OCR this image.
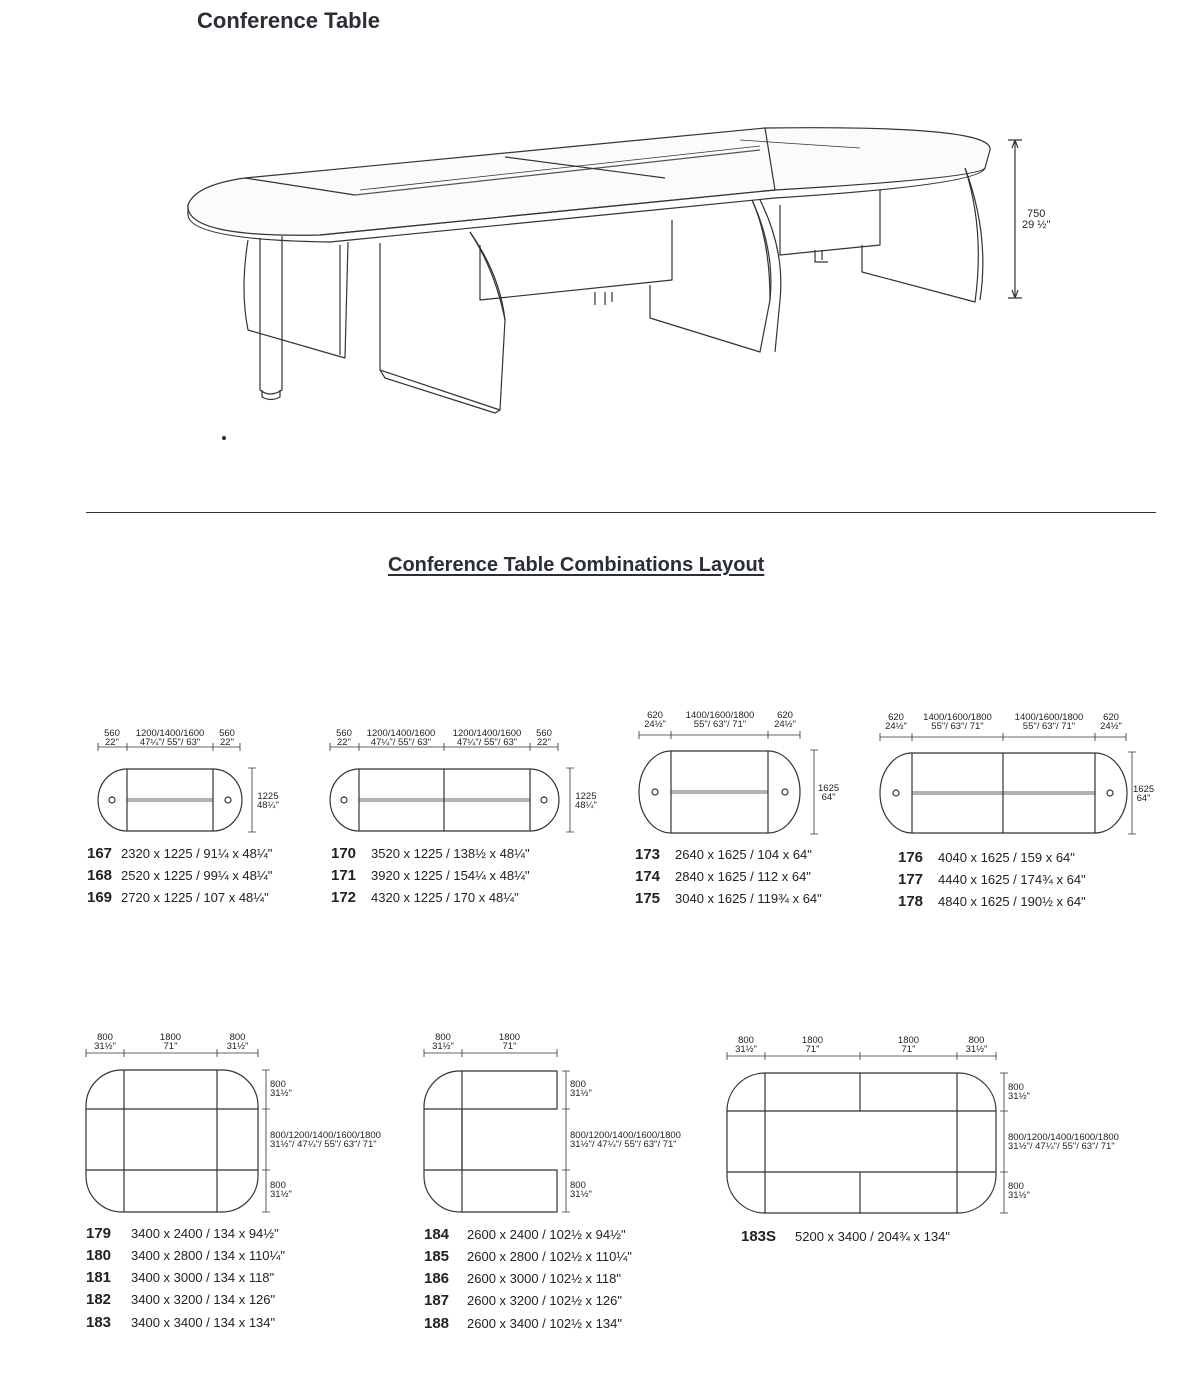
Conference Table
750
29 ½"
Conference Table Combinations Layout
560
22"
1200/1400/1600
47¼"/ 55"/ 63"
560
22"
1225
48¼"
560
22"
1200/1400/1600
47¼"/ 55"/ 63"
1200/1400/1600
47¼"/ 55"/ 63"
560
22"
1225
48¼"
620
24½"
1400/1600/1800
55"/ 63"/ 71"
620
24½"
1625
64"
620
24½"
1400/1600/1800
55"/ 63"/ 71"
1400/1600/1800
55"/ 63"/ 71"
620
24½"
1625
64"
800
31½"
1800
71"
800
31½"
800
31½"
800/1200/1400/1600/1800
31½"/ 47¼"/ 55"/ 63"/ 71"
800
31½"
800
31½"
1800
71"
800
31½"
800/1200/1400/1600/1800
31½"/ 47¼"/ 55"/ 63"/ 71"
800
31½"
800
31½"
1800
71"
1800
71"
800
31½"
800
31½"
800/1200/1400/1600/1800
31½"/ 47¼"/ 55"/ 63"/ 71"
800
31½"
167 2320 x 1225 / 91¼ x 48¼"
168 2520 x 1225 / 99¼ x 48¼"
169 2720 x 1225 / 107 x 48¼"
170 3520 x 1225 / 138½ x 48¼"
171 3920 x 1225 / 154¼ x 48¼"
172 4320 x 1225 / 170 x 48¼"
173 2640 x 1625 / 104 x 64"
174 2840 x 1625 / 112 x 64"
175 3040 x 1625 / 119¾ x 64"
176 4040 x 1625 / 159 x 64"
177 4440 x 1625 / 174¾ x 64"
178 4840 x 1625 / 190½ x 64"
179 3400 x 2400 / 134 x 94½"
180 3400 x 2800 / 134 x 110¼"
181 3400 x 3000 / 134 x 118"
182 3400 x 3200 / 134 x 126"
183 3400 x 3400 / 134 x 134"
184 2600 x 2400 / 102½ x 94½"
185 2600 x 2800 / 102½ x 110¼"
186 2600 x 3000 / 102½ x 118"
187 2600 x 3200 / 102½ x 126"
188 2600 x 3400 / 102½ x 134"
183S 5200 x 3400 / 204¾ x 134"
